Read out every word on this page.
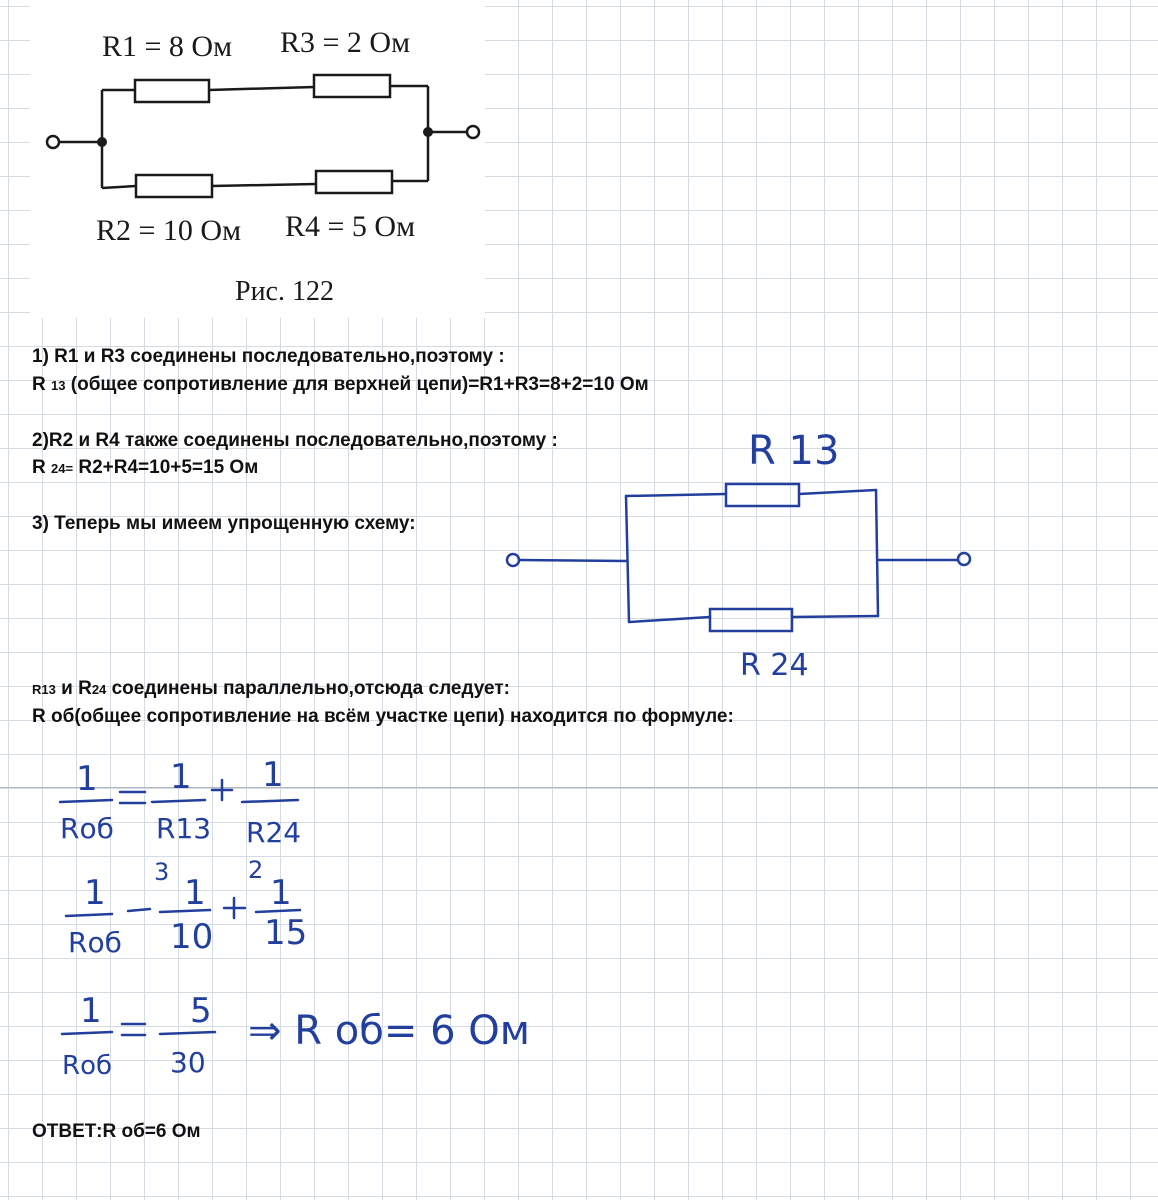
R1 = 8 Ом R3 = 2 Ом
R2 = 10 Ом R4 = 5 Ом
Рис. 122
1) R1 и R3 соединены последовательно,поэтому :
R 13 (общее сопротивление для верхней цепи)=R1+R3=8+2=10 Ом
2)R2 и R4 также соединены последовательно,поэтому :
R 24= R2+R4=10+5=15 Ом
3) Теперь мы имеем упрощенную схему:
R13 и R24 соединены параллельно,отсюда следует:
R об(общее сопротивление на всём участке цепи) находится по формуле:
ОТВЕТ:R об=6 Ом
1
Rоб
1
R13
1
R24
1
Rоб
3
1
10
2
1
15
1
Rоб
5
30
⇒ R об= 6 Ом
R 13
R 24
